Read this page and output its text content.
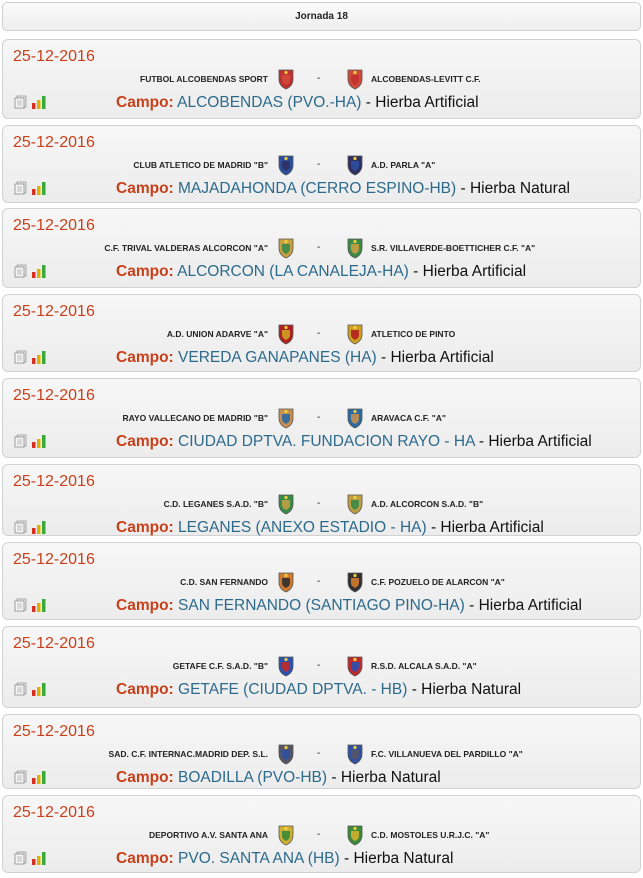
Jornada 18
25-12-2016
FUTBOL ALCOBENDAS SPORT	-	ALCOBENDAS-LEVITT C.F.
Campo: ALCOBENDAS (PVO.-HA) - Hierba Artificial
25-12-2016
CLUB ATLETICO DE MADRID "B"	-	A.D. PARLA "A"
Campo: MAJADAHONDA (CERRO ESPINO-HB) - Hierba Natural
25-12-2016
C.F. TRIVAL VALDERAS ALCORCON "A"	-	S.R. VILLAVERDE-BOETTICHER C.F. "A"
Campo: ALCORCON (LA CANALEJA-HA) - Hierba Artificial
25-12-2016
A.D. UNION ADARVE "A"	-	ATLETICO DE PINTO
Campo: VEREDA GANAPANES (HA) - Hierba Artificial
25-12-2016
RAYO VALLECANO DE MADRID "B"	-	ARAVACA C.F. "A"
Campo: CIUDAD DPTVA. FUNDACION RAYO - HA - Hierba Artificial
25-12-2016
C.D. LEGANES S.A.D. "B"	-	A.D. ALCORCON S.A.D. "B"
Campo: LEGANES (ANEXO ESTADIO - HA) - Hierba Artificial
25-12-2016
C.D. SAN FERNANDO	-	C.F. POZUELO DE ALARCON "A"
Campo: SAN FERNANDO (SANTIAGO PINO-HA) - Hierba Artificial
25-12-2016
GETAFE C.F. S.A.D. "B"	-	R.S.D. ALCALA S.A.D. "A"
Campo: GETAFE (CIUDAD DPTVA. - HB) - Hierba Natural
25-12-2016
SAD. C.F. INTERNAC.MADRID DEP. S.L.	-	F.C. VILLANUEVA DEL PARDILLO "A"
Campo: BOADILLA (PVO-HB) - Hierba Natural
25-12-2016
DEPORTIVO A.V. SANTA ANA	-	C.D. MOSTOLES U.R.J.C. "A"
Campo: PVO. SANTA ANA (HB) - Hierba Natural
